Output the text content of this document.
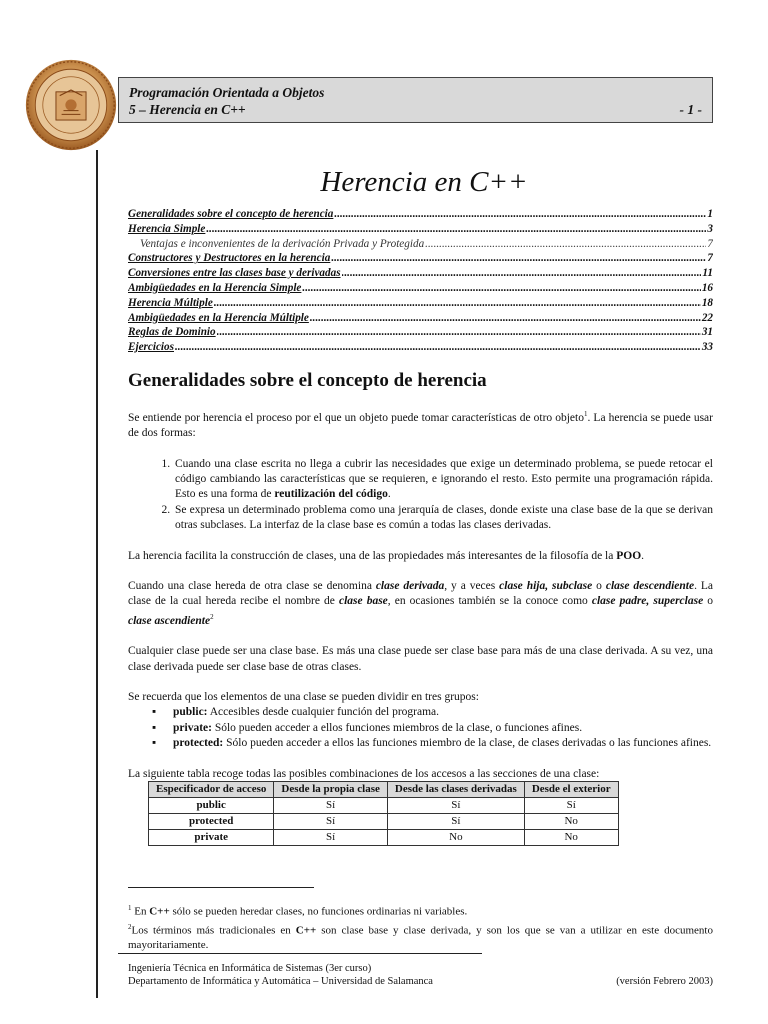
Programación Orientada a Objetos
5 – Herencia en C++	- 1 -
Herencia en C++
Generalidades sobre el concepto de herencia .....	1
Herencia Simple .....	3
Ventajas e inconvenientes de la derivación Privada y Protegida .....	7
Constructores y Destructores en la herencia .....	7
Conversiones entre las clases base y derivadas .....	11
Ambigüedades en la Herencia Simple .....	16
Herencia Múltiple .....	18
Ambigüedades en la Herencia Múltiple .....	22
Reglas de Dominio .....	31
Ejercicios .....	33
Generalidades sobre el concepto de herencia

Se entiende por herencia el proceso por el que un objeto puede tomar características de otro objeto$^1$. La herencia se puede usar de dos formas:

1. Cuando una clase escrita no llega a cubrir las necesidades que exige un determinado problema, se puede retocar el código cambiando las características que se requieren, e ignorando el resto. Esto permite una programación rápida. Esto es una forma de reutilización del código.
2. Se expresa un determinado problema como una jerarquía de clases, donde existe una clase base de la que se derivan otras subclases. La interfaz de la clase base es común a todas las clases derivadas.

La herencia facilita la construcción de clases, una de las propiedades más interesantes de la filosofía de la POO.

Cuando una clase hereda de otra clase se denomina clase derivada, y a veces clase hija, subclase o clase descendiente. La clase de la cual hereda recibe el nombre de clase base, en ocasiones también se la conoce como clase padre, superclase o clase ascendiente$^2$

Cualquier clase puede ser una clase base. Es más una clase puede ser clase base para más de una clase derivada. A su vez, una clase derivada puede ser clase base de otras clases.

Se recuerda que los elementos de una clase se pueden dividir en tres grupos:

▪ public: Accesibles desde cualquier función del programa.
▪ private: Sólo pueden acceder a ellos funciones miembros de la clase, o funciones afines.
▪ protected: Sólo pueden acceder a ellos las funciones miembro de la clase, de clases derivadas o las funciones afines.

La siguiente tabla recoge todas las posibles combinaciones de los accesos a las secciones de una clase:

Especificador de acceso	Desde la propia clase	Desde las clases derivadas	Desde el exterior
public	Sí	Sí	Sí
protected	Sí	Sí	No
private	Sí	No	No
$^1$ En C++ sólo se pueden heredar clases, no funciones ordinarias ni variables.
$^2$Los términos más tradicionales en C++ son clase base y clase derivada, y son los que se van a utilizar en este documento mayoritariamente.
Ingeniería Técnica en Informática de Sistemas (3er curso)
Departamento de Informática y Automática – Universidad de Salamanca	(versión Febrero 2003)
